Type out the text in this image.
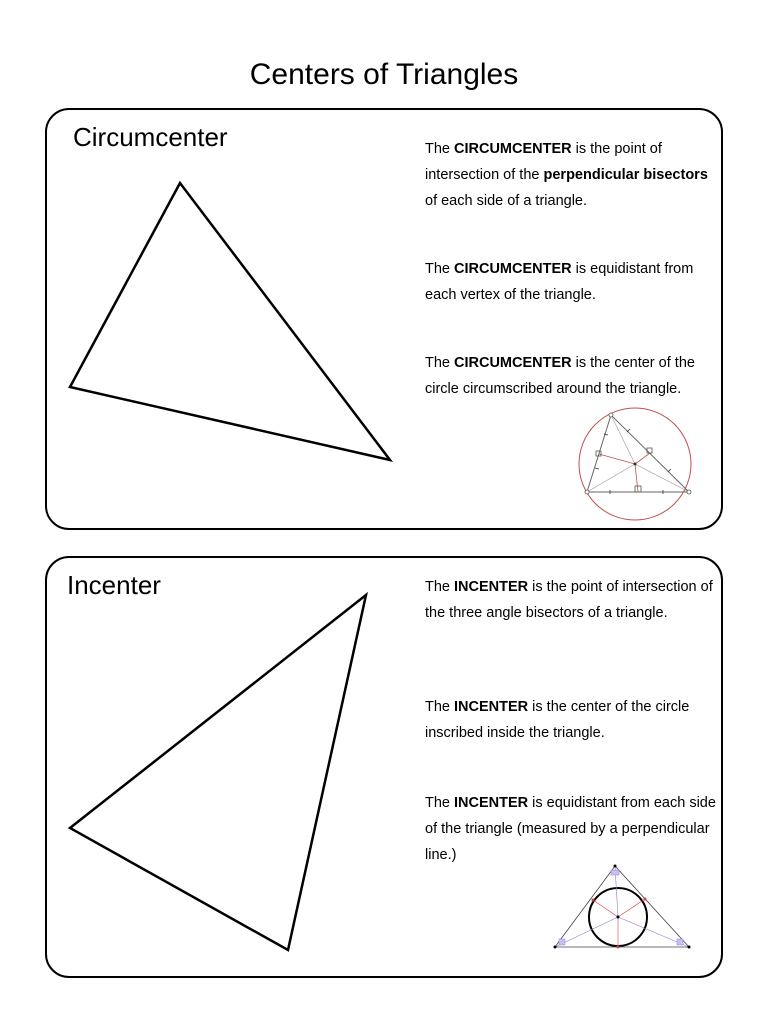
Centers of Triangles
Circumcenter	The CIRCUMCENTER is the point of intersection of the perpendicular bisectors of each side of a triangle.
The CIRCUMCENTER is equidistant from each vertex of the triangle.
The CIRCUMCENTER is the center of the circle circumscribed around the triangle.
Incenter	The INCENTER is the point of intersection of the three angle bisectors of a triangle.
The INCENTER is the center of the circle inscribed inside the triangle.
The INCENTER is equidistant from each side of the triangle (measured by a perpendicular
line.)
